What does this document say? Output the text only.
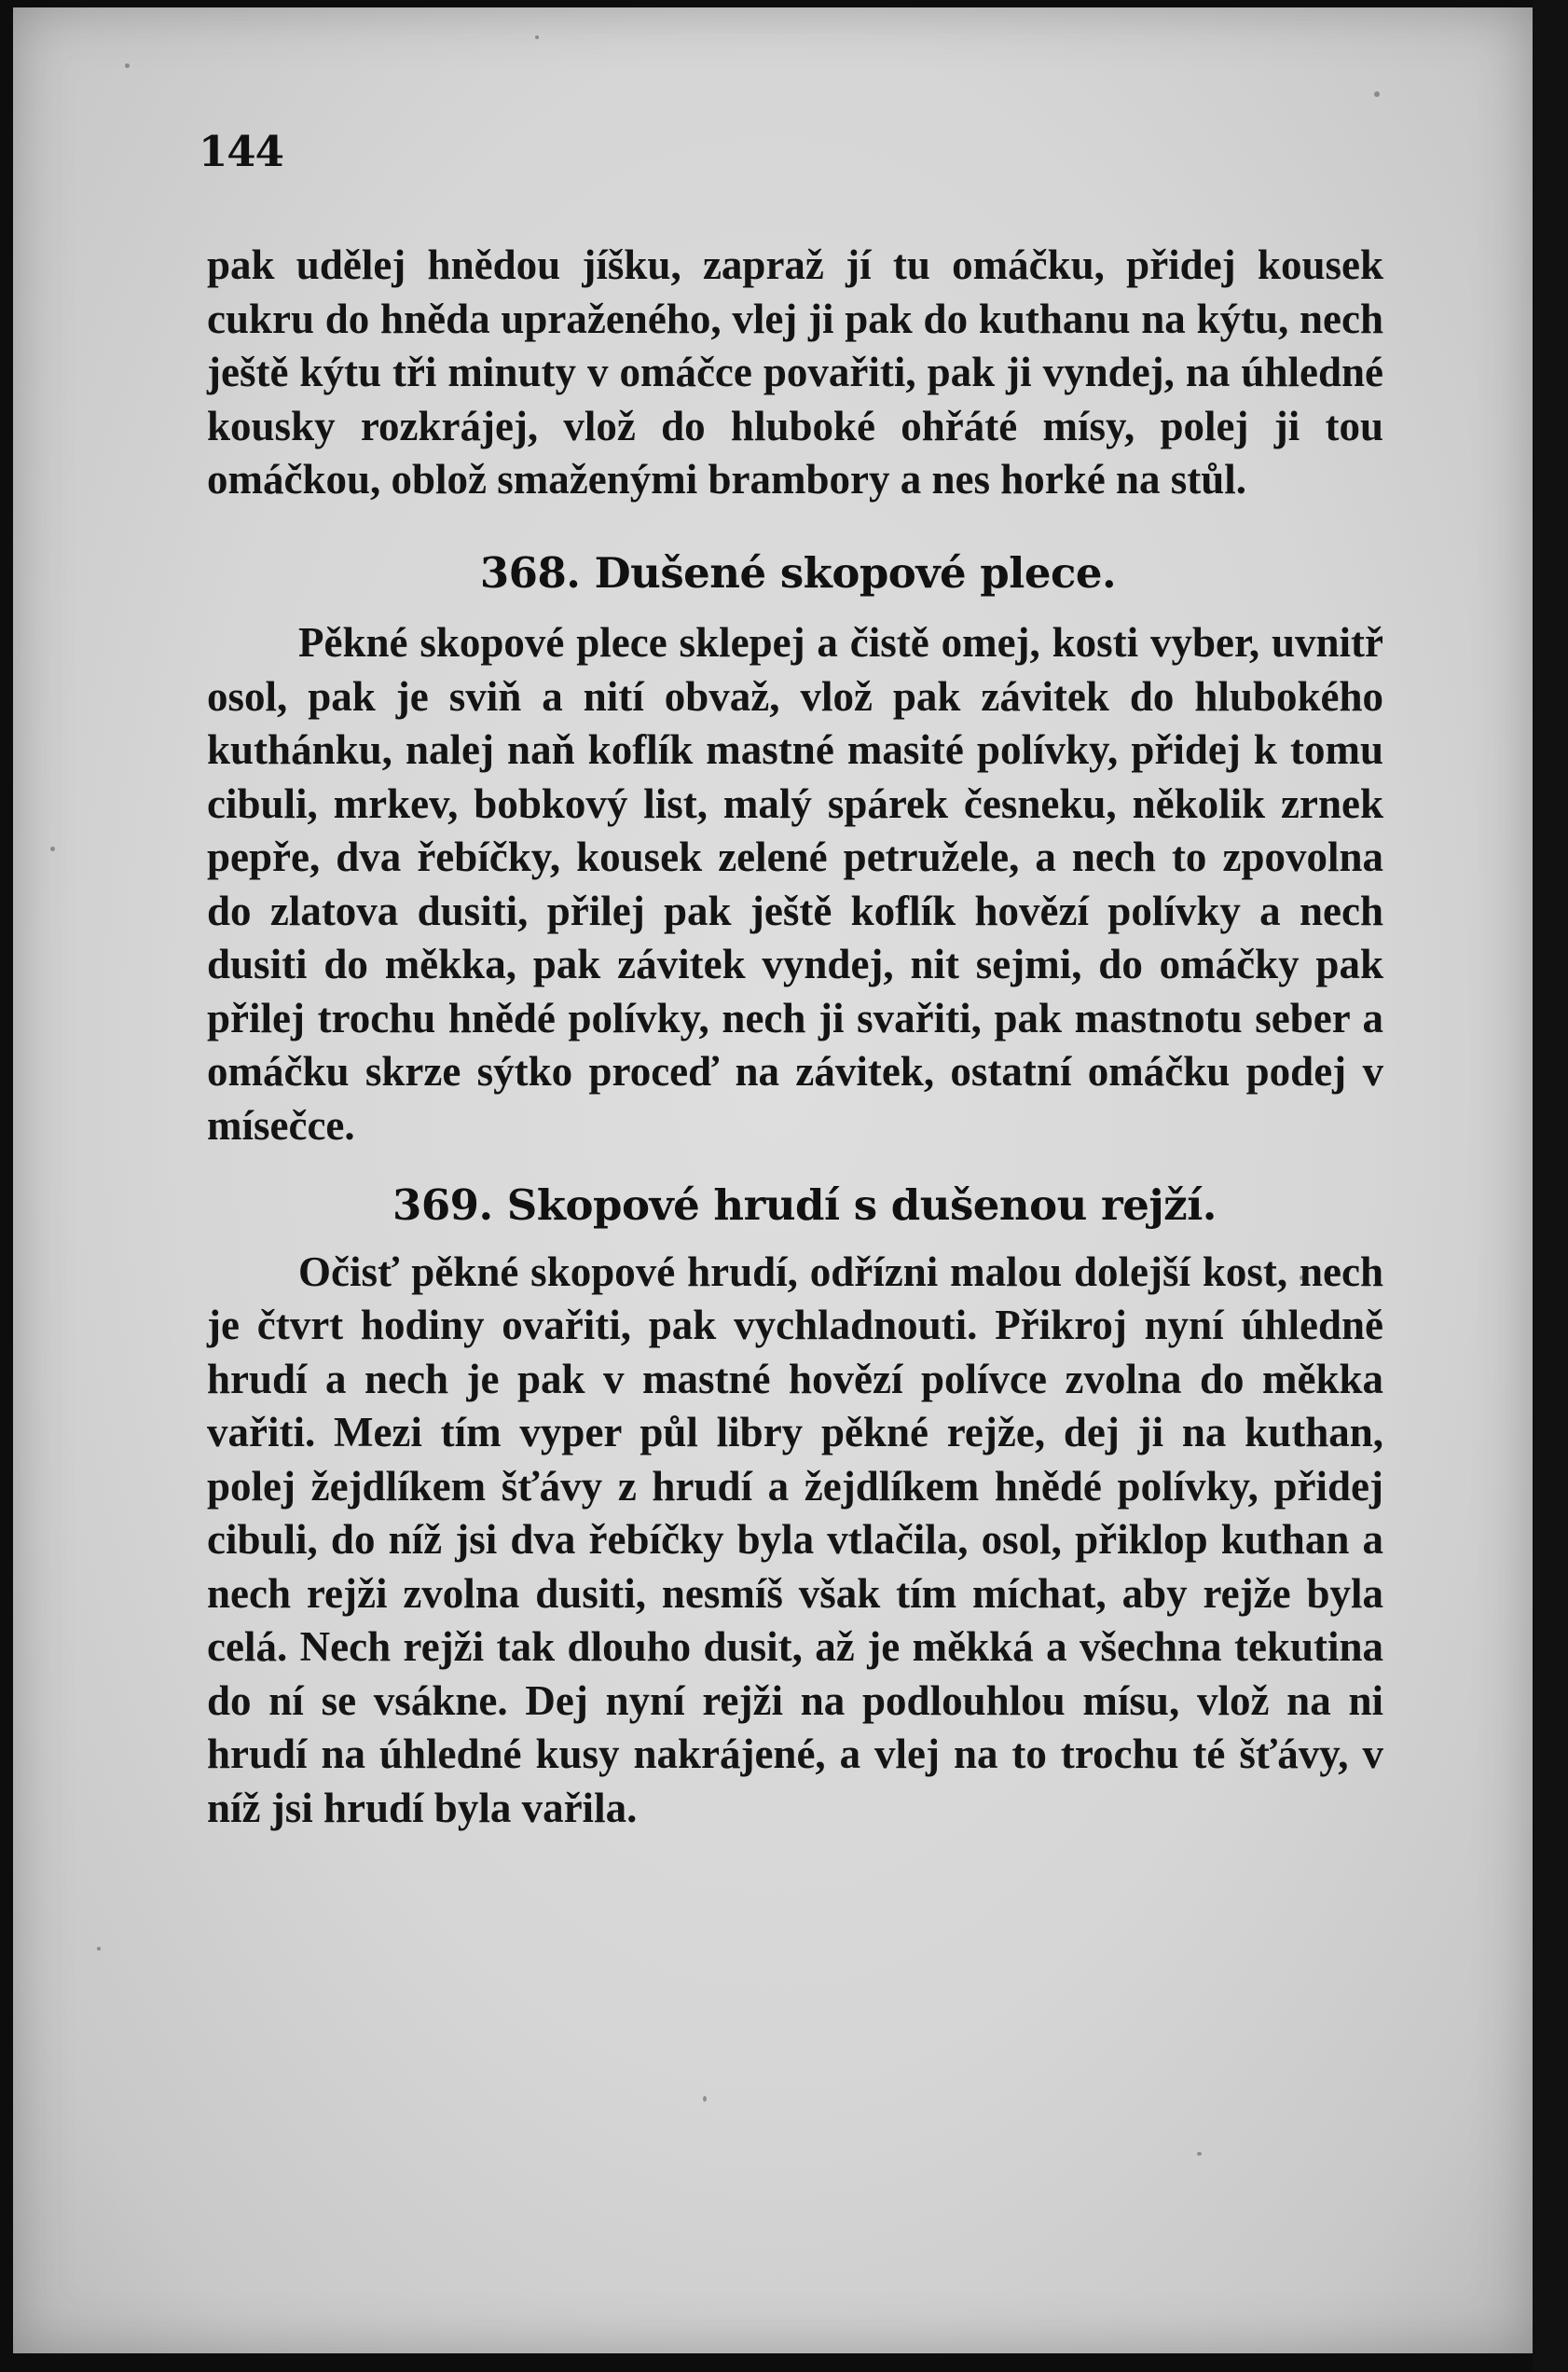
144

pak udělej hnědou jíšku, zapraž jí tu omáčku, přidej kousek cukru do hněda upraženého, vlej ji pak do kuthanu na kýtu, nech ještě kýtu tři minuty v omáčce povařiti, pak ji vyndej, na úhledné kousky rozkrájej, vlož do hluboké ohřáté mísy, polej ji tou omáčkou, oblož smaženými brambory a nes horké na stůl.

368. Dušené skopové plece.

Pěkné skopové plece sklepej a čistě omej, kosti vyber, uvnitř osol, pak je sviň a nití obvaž, vlož pak závitek do hlubokého kuthánku, nalej naň koflík mastné masité polívky, přidej k tomu cibuli, mrkev, bobkový list, malý spárek česneku, několik zrnek pepře, dva řebíčky, kousek zelené petružele, a nech to zpovolna do zlatova dusiti, přilej pak ještě koflík hovězí polívky a nech dusiti do měkka, pak závitek vyndej, nit sejmi, do omáčky pak přilej trochu hnědé polívky, nech ji svařiti, pak mastnotu seber a omáčku skrze sýtko proceď na závitek, ostatní omáčku podej v mísečce.

369. Skopové hrudí s dušenou rejží.

Očisť pěkné skopové hrudí, odřízni malou dolejší kost, nech je čtvrt hodiny ovařiti, pak vychladnouti. Přikroj nyní úhledně hrudí a nech je pak v mastné hovězí polívce zvolna do měkka vařiti. Mezi tím vyper půl libry pěkné rejže, dej ji na kuthan, polej žejdlíkem šťávy z hrudí a žejdlíkem hnědé polívky, přidej cibuli, do níž jsi dva řebíčky byla vtlačila, osol, přiklop kuthan a nech rejži zvolna dusiti, nesmíš však tím míchat, aby rejže byla celá. Nech rejži tak dlouho dusit, až je měkká a všechna tekutina do ní se vsákne. Dej nyní rejži na podlouhlou mísu, vlož na ni hrudí na úhledné kusy nakrájené, a vlej na to trochu té šťávy, v níž jsi hrudí byla vařila.
